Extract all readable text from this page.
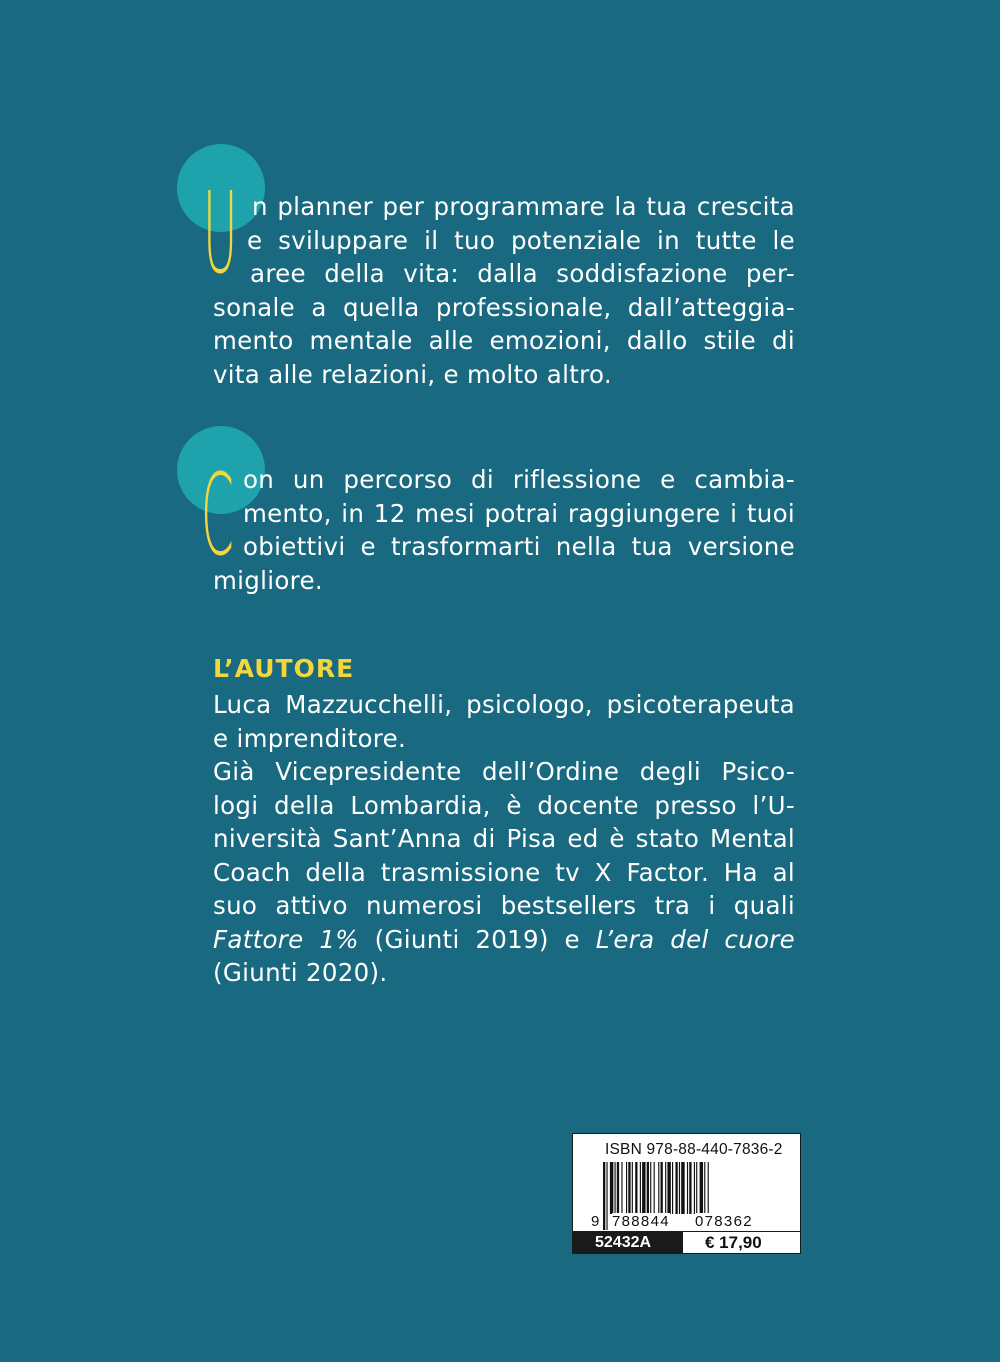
U n planner per programmare la tua crescita
e sviluppare il tuo potenziale in tutte le
aree della vita: dalla soddisfazione per-
sonale a quella professionale, dall’atteggia-
mento mentale alle emozioni, dallo stile di
vita alle relazioni, e molto altro.
C on un percorso di riflessione e cambia-
mento, in 12 mesi potrai raggiungere i tuoi
obiettivi e trasformarti nella tua versione
migliore.
L’AUTORE
Luca Mazzucchelli, psicologo, psicoterapeuta
e imprenditore.
Già Vicepresidente dell’Ordine degli Psico-
logi della Lombardia, è docente presso l’U-
niversità Sant’Anna di Pisa ed è stato Mental
Coach della trasmissione tv X Factor. Ha al
suo attivo numerosi bestsellers tra i quali
Fattore 1% (Giunti 2019) e L’era del cuore
(Giunti 2020).
ISBN 978-88-440-7836-2
9 788844 078362
52432A	€ 17,90
